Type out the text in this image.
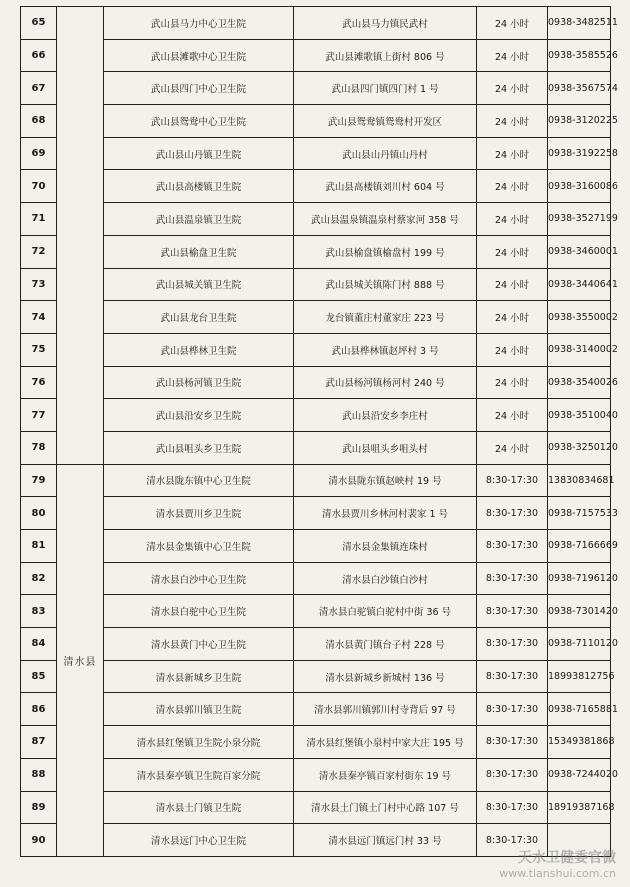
65		武山县马力中心卫生院	武山县马力镇民武村	24 小时	0938-3482511
66		武山县滩歌中心卫生院	武山县滩歌镇上街村 806 号	24 小时	0938-3585526
67		武山县四门中心卫生院	武山县四门镇四门村 1 号	24 小时	0938-3567574
68		武山县鸳鸯中心卫生院	武山县鸳鸯镇鸳鸯村开发区	24 小时	0938-3120225
69		武山县山丹镇卫生院	武山县山丹镇山丹村	24 小时	0938-3192258
70		武山县高楼镇卫生院	武山县高楼镇刘川村 604 号	24 小时	0938-3160086
71		武山县温泉镇卫生院	武山县温泉镇温泉村蔡家河 358 号	24 小时	0938-3527199
72		武山县榆盘卫生院	武山县榆盘镇榆盘村 199 号	24 小时	0938-3460001
73		武山县城关镇卫生院	武山县城关镇陈门村 888 号	24 小时	0938-3440641
74		武山县龙台卫生院	龙台镇董庄村董家庄 223 号	24 小时	0938-3550002
75		武山县桦林卫生院	武山县桦林镇赵坪村 3 号	24 小时	0938-3140002
76		武山县杨河镇卫生院	武山县杨河镇杨河村 240 号	24 小时	0938-3540026
77		武山县沿安乡卫生院	武山县沿安乡李庄村	24 小时	0938-3510040
78		武山县咀头乡卫生院	武山县咀头乡咀头村	24 小时	0938-3250120
79	清水县	清水县陇东镇中心卫生院	清水县陇东镇赵峡村 19 号	8:30-17:30	13830834681
80		清水县贾川乡卫生院	清水县贾川乡林河村裴家 1 号	8:30-17:30	0938-7157533
81		清水县金集镇中心卫生院	清水县金集镇连珠村	8:30-17:30	0938-7166669
82		清水县白沙中心卫生院	清水县白沙镇白沙村	8:30-17:30	0938-7196120
83		清水县白驼中心卫生院	清水县白驼镇白驼村中街 36 号	8:30-17:30	0938-7301420
84		清水县黄门中心卫生院	清水县黄门镇台子村 228 号	8:30-17:30	0938-7110120
85		清水县新城乡卫生院	清水县新城乡新城村 136 号	8:30-17:30	18993812756
86		清水县郭川镇卫生院	清水县郭川镇郭川村寺背后 97 号	8:30-17:30	0938-7165881
87		清水县红堡镇卫生院小泉分院	清水县红堡镇小泉村中家大庄 195 号	8:30-17:30	15349381868
88		清水县秦亭镇卫生院百家分院	清水县秦亭镇百家村街东 19 号	8:30-17:30	0938-7244020
89		清水县土门镇卫生院	清水县土门镇土门村中心路 107 号	8:30-17:30	18919387168
90		清水县远门中心卫生院	清水县远门镇远门村 33 号	8:30-17:30	
天水卫健委官微
www.tianshui.com.cn
